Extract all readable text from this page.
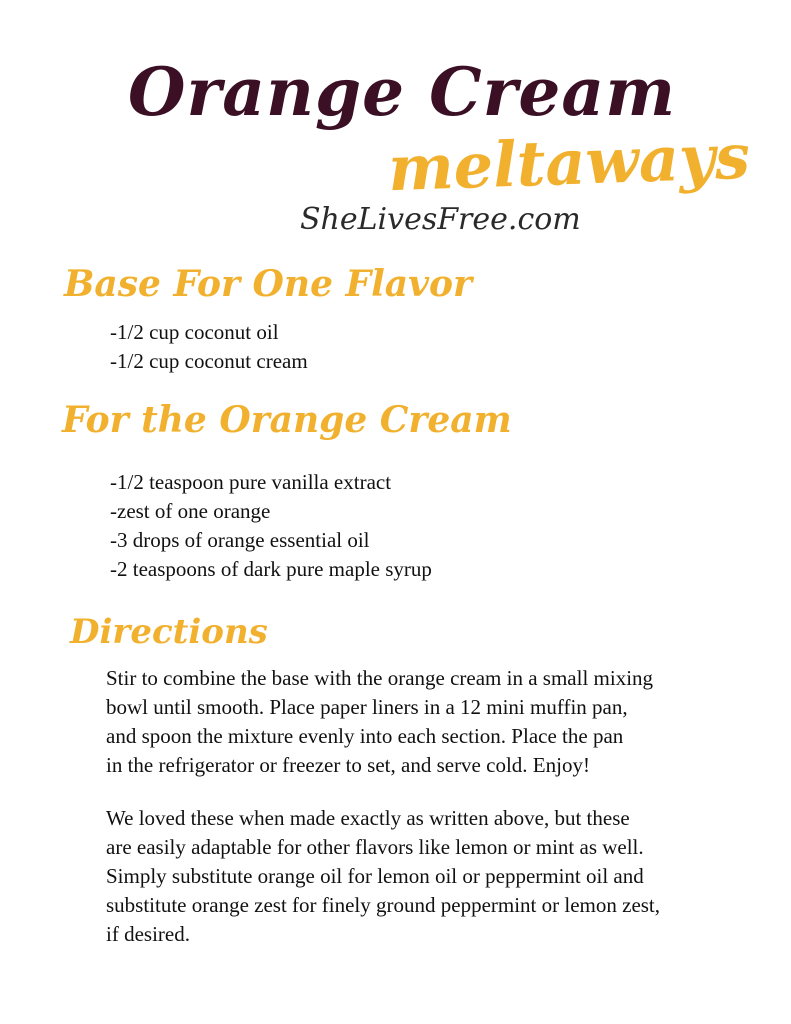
Orange Cream
meltaways
SheLivesFree.com
Base For One Flavor
-1/2 cup coconut oil
-1/2 cup coconut cream
For the Orange Cream
-1/2 teaspoon pure vanilla extract
-zest of one orange
-3 drops of orange essential oil
-2 teaspoons of dark pure maple syrup
Directions

Stir to combine the base with the orange cream in a small mixing
bowl until smooth. Place paper liners in a 12 mini muffin pan,
and spoon the mixture evenly into each section. Place the pan
in the refrigerator or freezer to set, and serve cold. Enjoy!

We loved these when made exactly as written above, but these
are easily adaptable for other flavors like lemon or mint as well.
Simply substitute orange oil for lemon oil or peppermint oil and
substitute orange zest for finely ground peppermint or lemon zest,
if desired.
